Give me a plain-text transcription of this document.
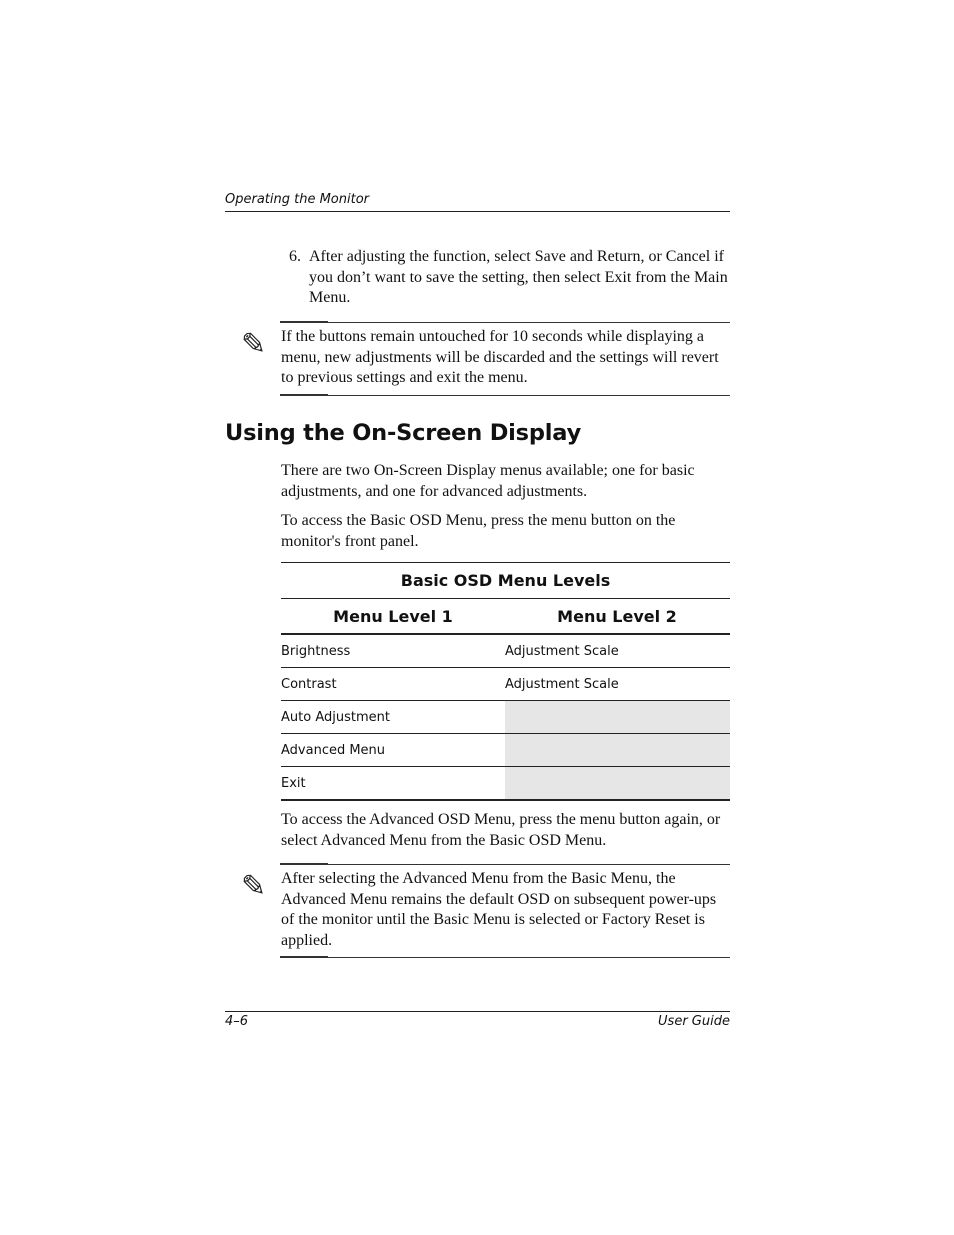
Operating the Monitor
6. After adjusting the function, select Save and Return, or Cancel if you don’t want to save the setting, then select Exit from the Main Menu.
✎ If the buttons remain untouched for 10 seconds while displaying a menu, new adjustments will be discarded and the settings will revert to previous settings and exit the menu.
Using the On-Screen Display
There are two On-Screen Display menus available; one for basic adjustments, and one for advanced adjustments.
To access the Basic OSD Menu, press the menu button on the monitor's front panel.
Basic OSD Menu Levels
Menu Level 1	Menu Level 2
Brightness	Adjustment Scale
Contrast	Adjustment Scale
Auto Adjustment
Advanced Menu
Exit
To access the Advanced OSD Menu, press the menu button again, or select Advanced Menu from the Basic OSD Menu.
✎ After selecting the Advanced Menu from the Basic Menu, the Advanced Menu remains the default OSD on subsequent power-ups of the monitor until the Basic Menu is selected or Factory Reset is applied.
4–6	User Guide
